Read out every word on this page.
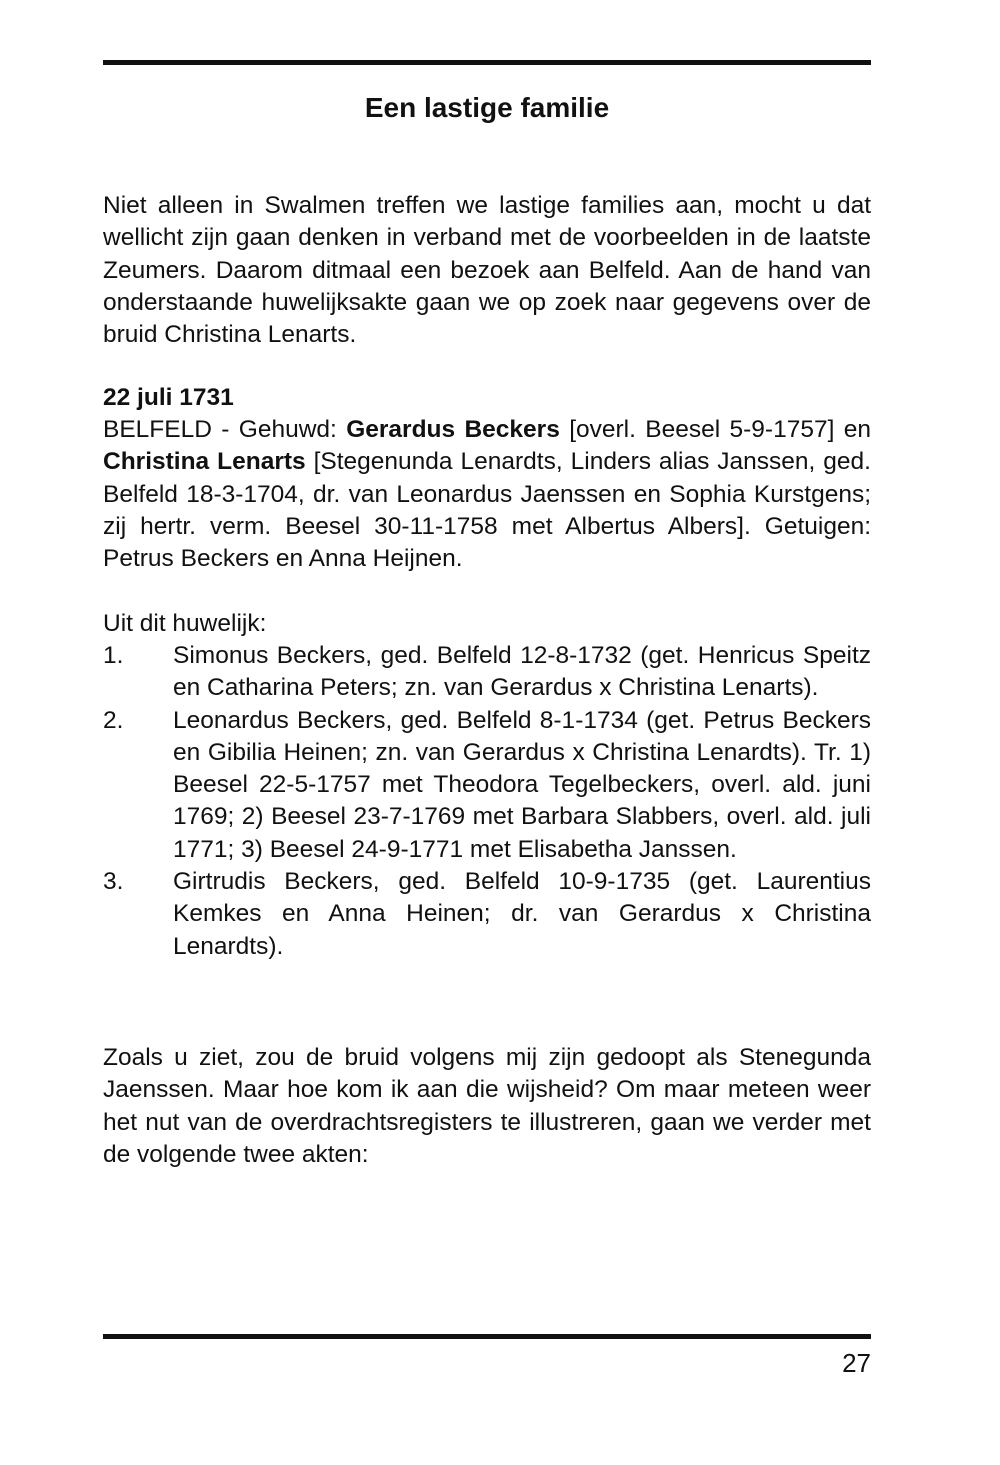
Een lastige familie
Niet alleen in Swalmen treffen we lastige families aan, mocht u dat wellicht zijn gaan denken in verband met de voorbeelden in de laatste Zeumers. Daarom ditmaal een bezoek aan Belfeld. Aan de hand van onderstaande huwelijksakte gaan we op zoek naar gegevens over de bruid Christina Lenarts.
22 juli 1731
BELFELD - Gehuwd: Gerardus Beckers [overl. Beesel 5-9-1757] en Christina Lenarts [Stegenunda Lenardts, Linders alias Janssen, ged. Belfeld 18-3-1704, dr. van Leonardus Jaenssen en Sophia Kurstgens; zij hertr. verm. Beesel 30-11-1758 met Albertus Albers]. Getuigen: Petrus Beckers en Anna Heijnen.
Uit dit huwelijk:
1.	Simonus Beckers, ged. Belfeld 12-8-1732 (get. Henricus Speitz en Catharina Peters; zn. van Gerardus x Christina Lenarts).
2.	Leonardus Beckers, ged. Belfeld 8-1-1734 (get. Petrus Beckers en Gibilia Heinen; zn. van Gerardus x Christina Lenardts). Tr. 1) Beesel 22-5-1757 met Theodora Tegelbeckers, overl. ald. juni 1769; 2) Beesel 23-7-1769 met Barbara Slabbers, overl. ald. juli 1771; 3) Beesel 24-9-1771 met Elisabetha Janssen.
3.	Girtrudis Beckers, ged. Belfeld 10-9-1735 (get. Laurentius Kemkes en Anna Heinen; dr. van Gerardus x Christina Lenardts).
Zoals u ziet, zou de bruid volgens mij zijn gedoopt als Stenegunda Jaenssen. Maar hoe kom ik aan die wijsheid? Om maar meteen weer het nut van de overdrachtsregisters te illustreren, gaan we verder met de volgende twee akten:
27
